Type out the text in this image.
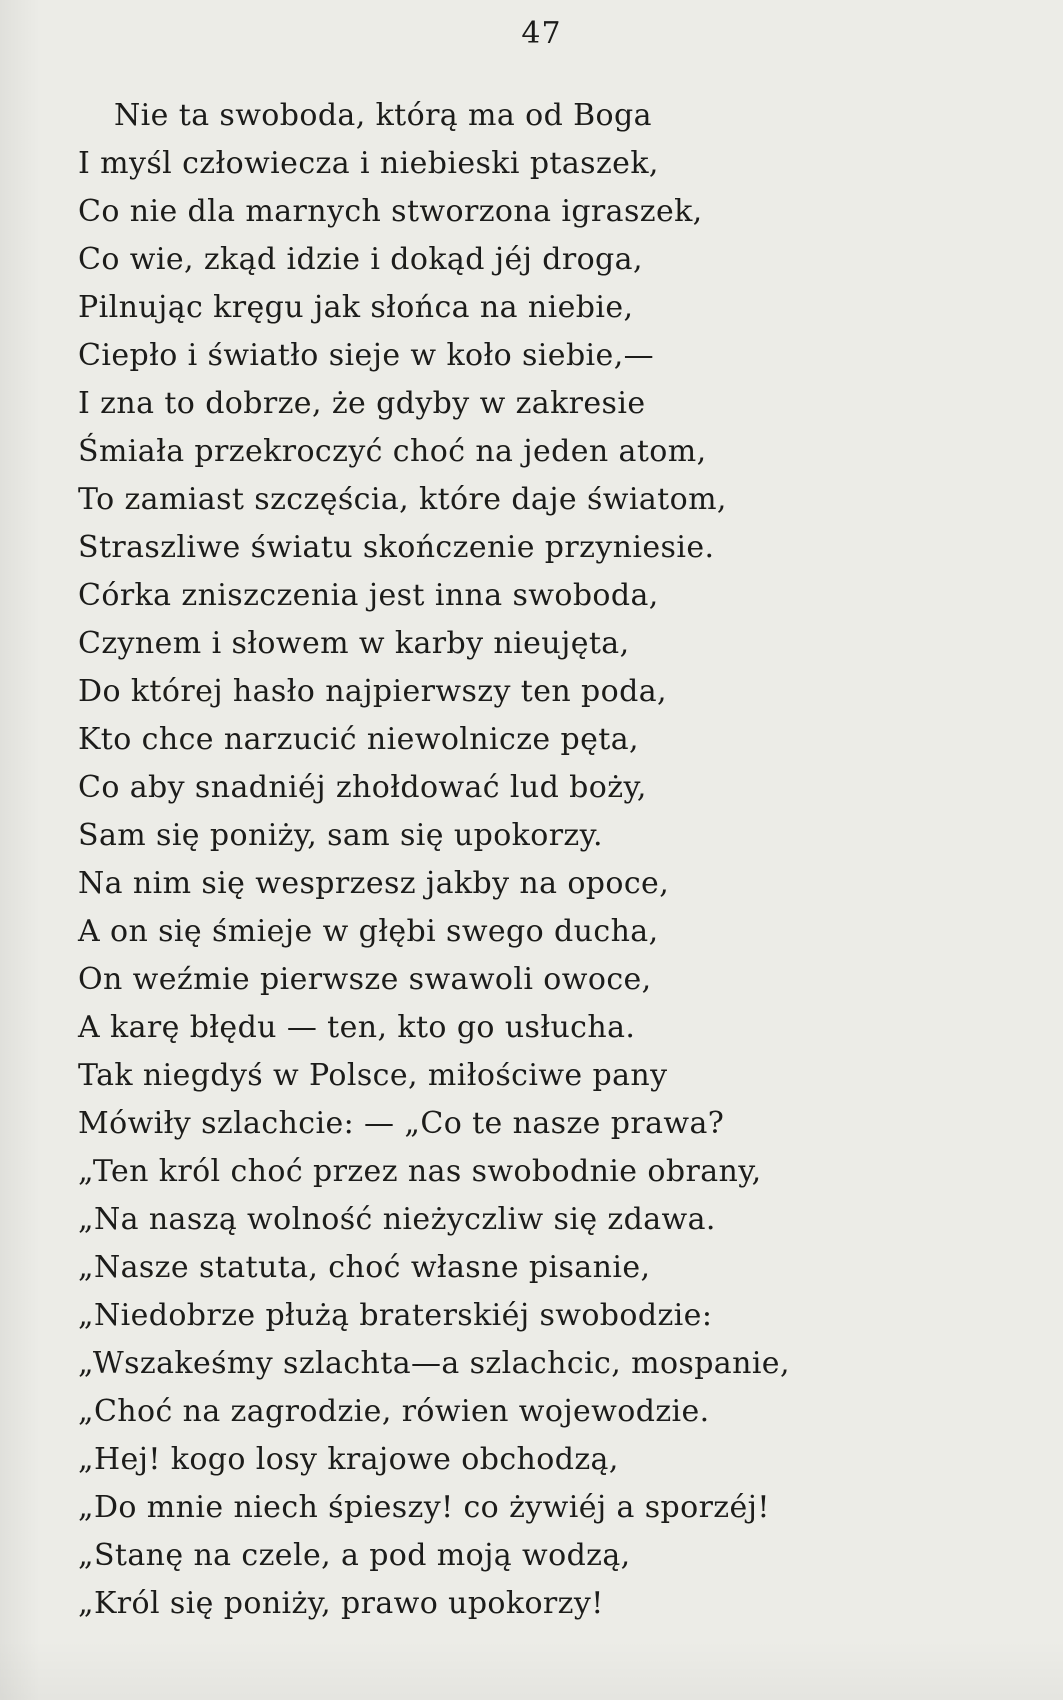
47
Nie ta swoboda, którą ma od Boga
I myśl człowiecza i niebieski ptaszek,
Co nie dla marnych stworzona igraszek,
Co wie, zkąd idzie i dokąd jéj droga,
Pilnując kręgu jak słońca na niebie,
Ciepło i światło sieje w koło siebie,—
I zna to dobrze, że gdyby w zakresie
Śmiała przekroczyć choć na jeden atom,
To zamiast szczęścia, które daje światom,
Straszliwe światu skończenie przyniesie.
Córka zniszczenia jest inna swoboda,
Czynem i słowem w karby nieujęta,
Do której hasło najpierwszy ten poda,
Kto chce narzucić niewolnicze pęta,
Co aby snadniéj zhołdować lud boży,
Sam się poniży, sam się upokorzy.
Na nim się wesprzesz jakby na opoce,
A on się śmieje w głębi swego ducha,
On weźmie pierwsze swawoli owoce,
A karę błędu — ten, kto go usłucha.
Tak niegdyś w Polsce, miłościwe pany
Mówiły szlachcie: — „Co te nasze prawa?
„Ten król choć przez nas swobodnie obrany,
„Na naszą wolność nieżyczliw się zdawa.
„Nasze statuta, choć własne pisanie,
„Niedobrze płużą braterskiéj swobodzie:
„Wszakeśmy szlachta—a szlachcic, mospanie,
„Choć na zagrodzie, rówien wojewodzie.
„Hej! kogo losy krajowe obchodzą,
„Do mnie niech śpieszy! co żywiéj a sporzéj!
„Stanę na czele, a pod moją wodzą,
„Król się poniży, prawo upokorzy!
